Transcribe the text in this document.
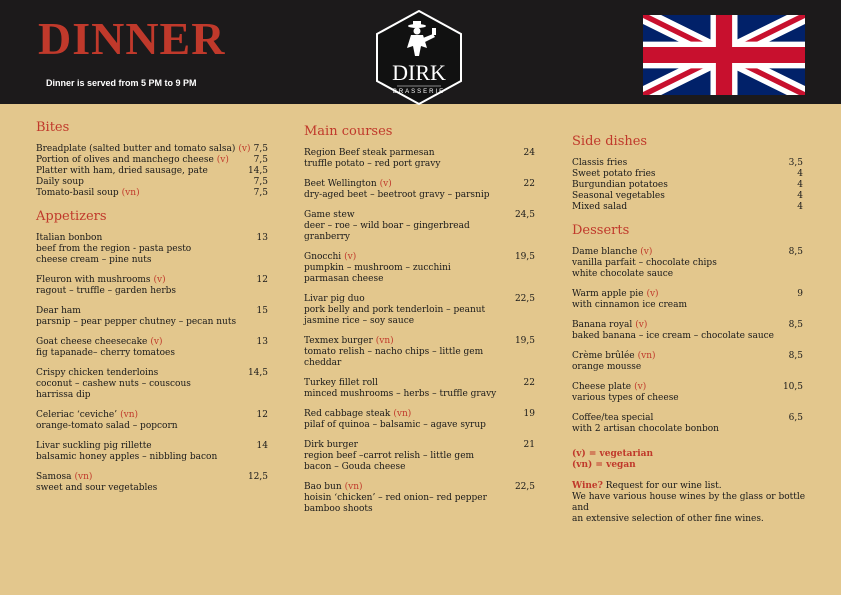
DINNER
Dinner is served from 5 PM to 9 PM	DIRK
BRASSERIE
Bites
Breadplate (salted butter and tomato salsa) (v) 7,5
Portion of olives and manchego cheese (v)	7,5
Platter with ham, dried sausage, pate	14,5
Daily soup	7,5
Tomato-basil soup (vn)	7,5
Appetizers
Italian bonbon	13
beef from the region - pasta pesto
cheese cream – pine nuts
Fleuron with mushrooms (v)	12
ragout – truffle – garden herbs
Dear ham	15
parsnip – pear pepper chutney – pecan nuts
Goat cheese cheesecake (v)	13
fig tapanade– cherry tomatoes
Crispy chicken tenderloins	14,5
coconut – cashew nuts – couscous
harrissa dip
Celeriac ‘ceviche’ (vn)	12
orange-tomato salad – popcorn
Livar suckling pig rillette	14
balsamic honey apples – nibbling bacon
Samosa (vn)	12,5
sweet and sour vegetables
Main courses
Region Beef steak parmesan	24
truffle potato – red port gravy
Beet Wellington (v)	22
dry-aged beet – beetroot gravy – parsnip
Game stew	24,5
deer – roe – wild boar – gingerbread
granberry
Gnocchi (v)	19,5
pumpkin – mushroom – zucchini
parmasan cheese
Livar pig duo	22,5
pork belly and pork tenderloin – peanut
jasmine rice – soy sauce
Texmex burger (vn)	19,5
tomato relish – nacho chips – little gem
cheddar
Turkey fillet roll	22
minced mushrooms – herbs – truffle gravy
Red cabbage steak (vn)	19
pilaf of quinoa – balsamic – agave syrup
Dirk burger	21
region beef –carrot relish – little gem
bacon – Gouda cheese
Bao bun (vn)	22,5
hoisin ‘chicken’ – red onion– red pepper
bamboo shoots
Side dishes
Classis fries	3,5
Sweet potato fries	4
Burgundian potatoes	4
Seasonal vegetables	4
Mixed salad	4
Desserts
Dame blanche (v)	8,5
vanilla parfait – chocolate chips
white chocolate sauce
Warm apple pie (v)	9
with cinnamon ice cream
Banana royal (v)	8,5
baked banana – ice cream – chocolate sauce
Crème brûlée (vn)	8,5
orange mousse
Cheese plate (v)	10,5
various types of cheese
Coffee/tea special	6,5
with 2 artisan chocolate bonbon
(v) = vegetarian
(vn) = vegan
Wine? Request for our wine list.
We have various house wines by the glass or bottle and
an extensive selection of other fine wines.
